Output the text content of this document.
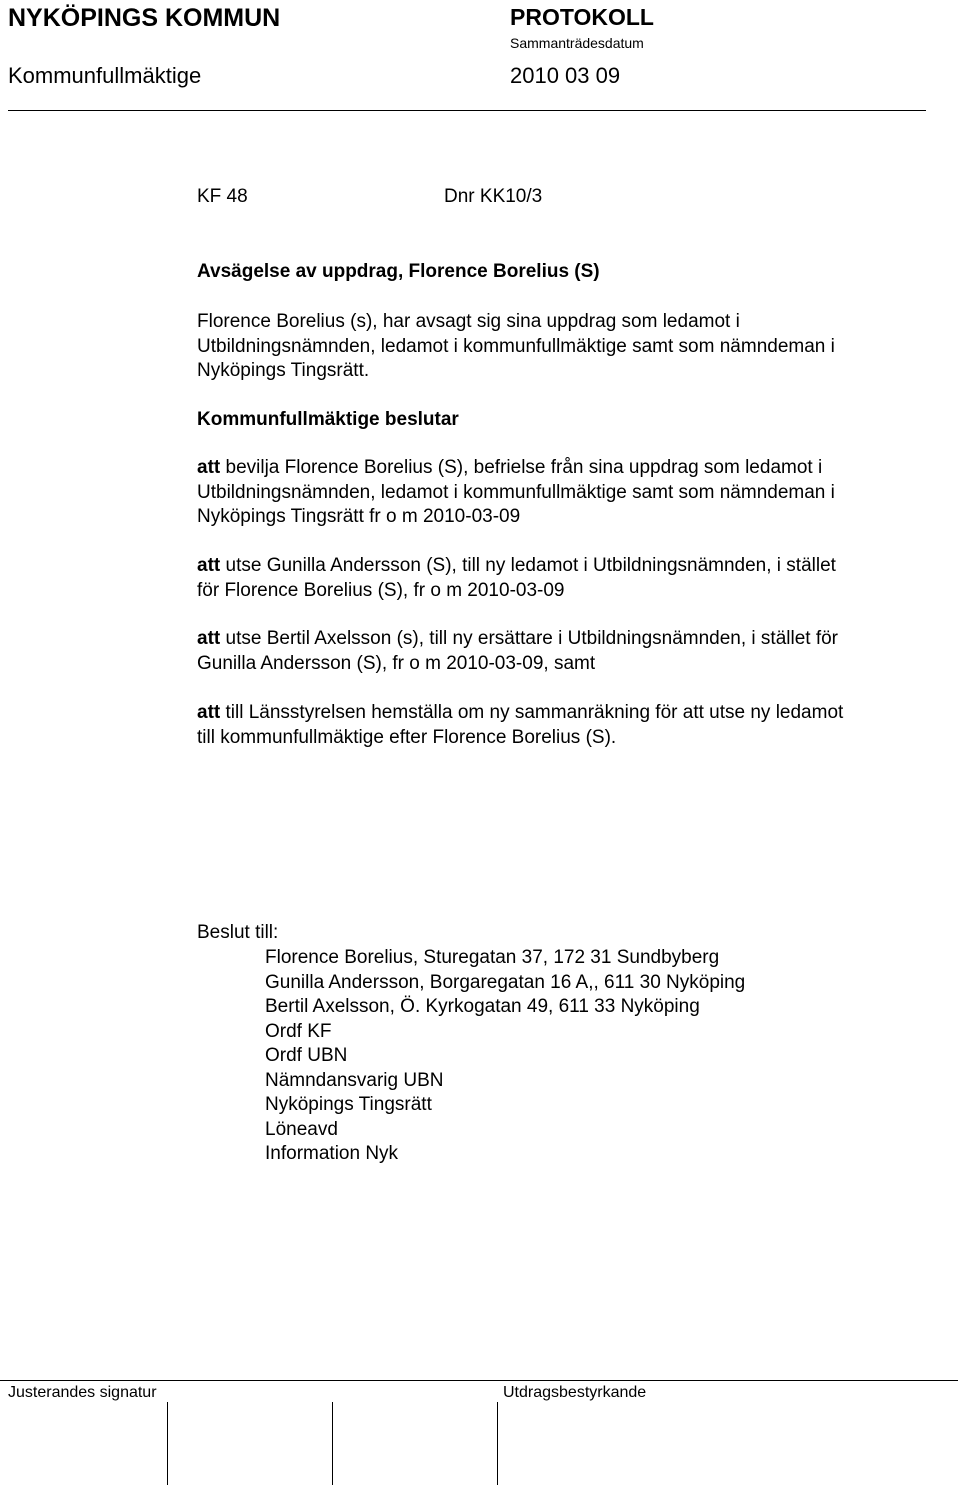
NYKÖPINGS KOMMUN	PROTOKOLL
Sammanträdesdatum
Kommunfullmäktige	2010 03 09
KF 48	Dnr KK10/3
Avsägelse av uppdrag, Florence Borelius (S)

Florence Borelius (s), har avsagt sig sina uppdrag som ledamot i

Utbildningsnämnden, ledamot i kommunfullmäktige samt som nämndeman i

Nyköpings Tingsrätt.

Kommunfullmäktige beslutar

att bevilja Florence Borelius (S), befrielse från sina uppdrag som ledamot i

Utbildningsnämnden, ledamot i kommunfullmäktige samt som nämndeman i

Nyköpings Tingsrätt fr o m 2010-03-09

att utse Gunilla Andersson (S), till ny ledamot i Utbildningsnämnden, i stället

för Florence Borelius (S), fr o m 2010-03-09

att utse Bertil Axelsson (s), till ny ersättare i Utbildningsnämnden, i stället för

Gunilla Andersson (S), fr o m 2010-03-09, samt

att till Länsstyrelsen hemställa om ny sammanräkning för att utse ny ledamot

till kommunfullmäktige efter Florence Borelius (S).

Beslut till:
Florence Borelius, Sturegatan 37, 172 31 Sundbyberg
Gunilla Andersson, Borgaregatan 16 A,, 611 30 Nyköping
Bertil Axelsson, Ö. Kyrkogatan 49, 611 33 Nyköping
Ordf KF
Ordf UBN
Nämndansvarig UBN
Nyköpings Tingsrätt
Löneavd
Information Nyk
Justerandes signatur	Utdragsbestyrkande
